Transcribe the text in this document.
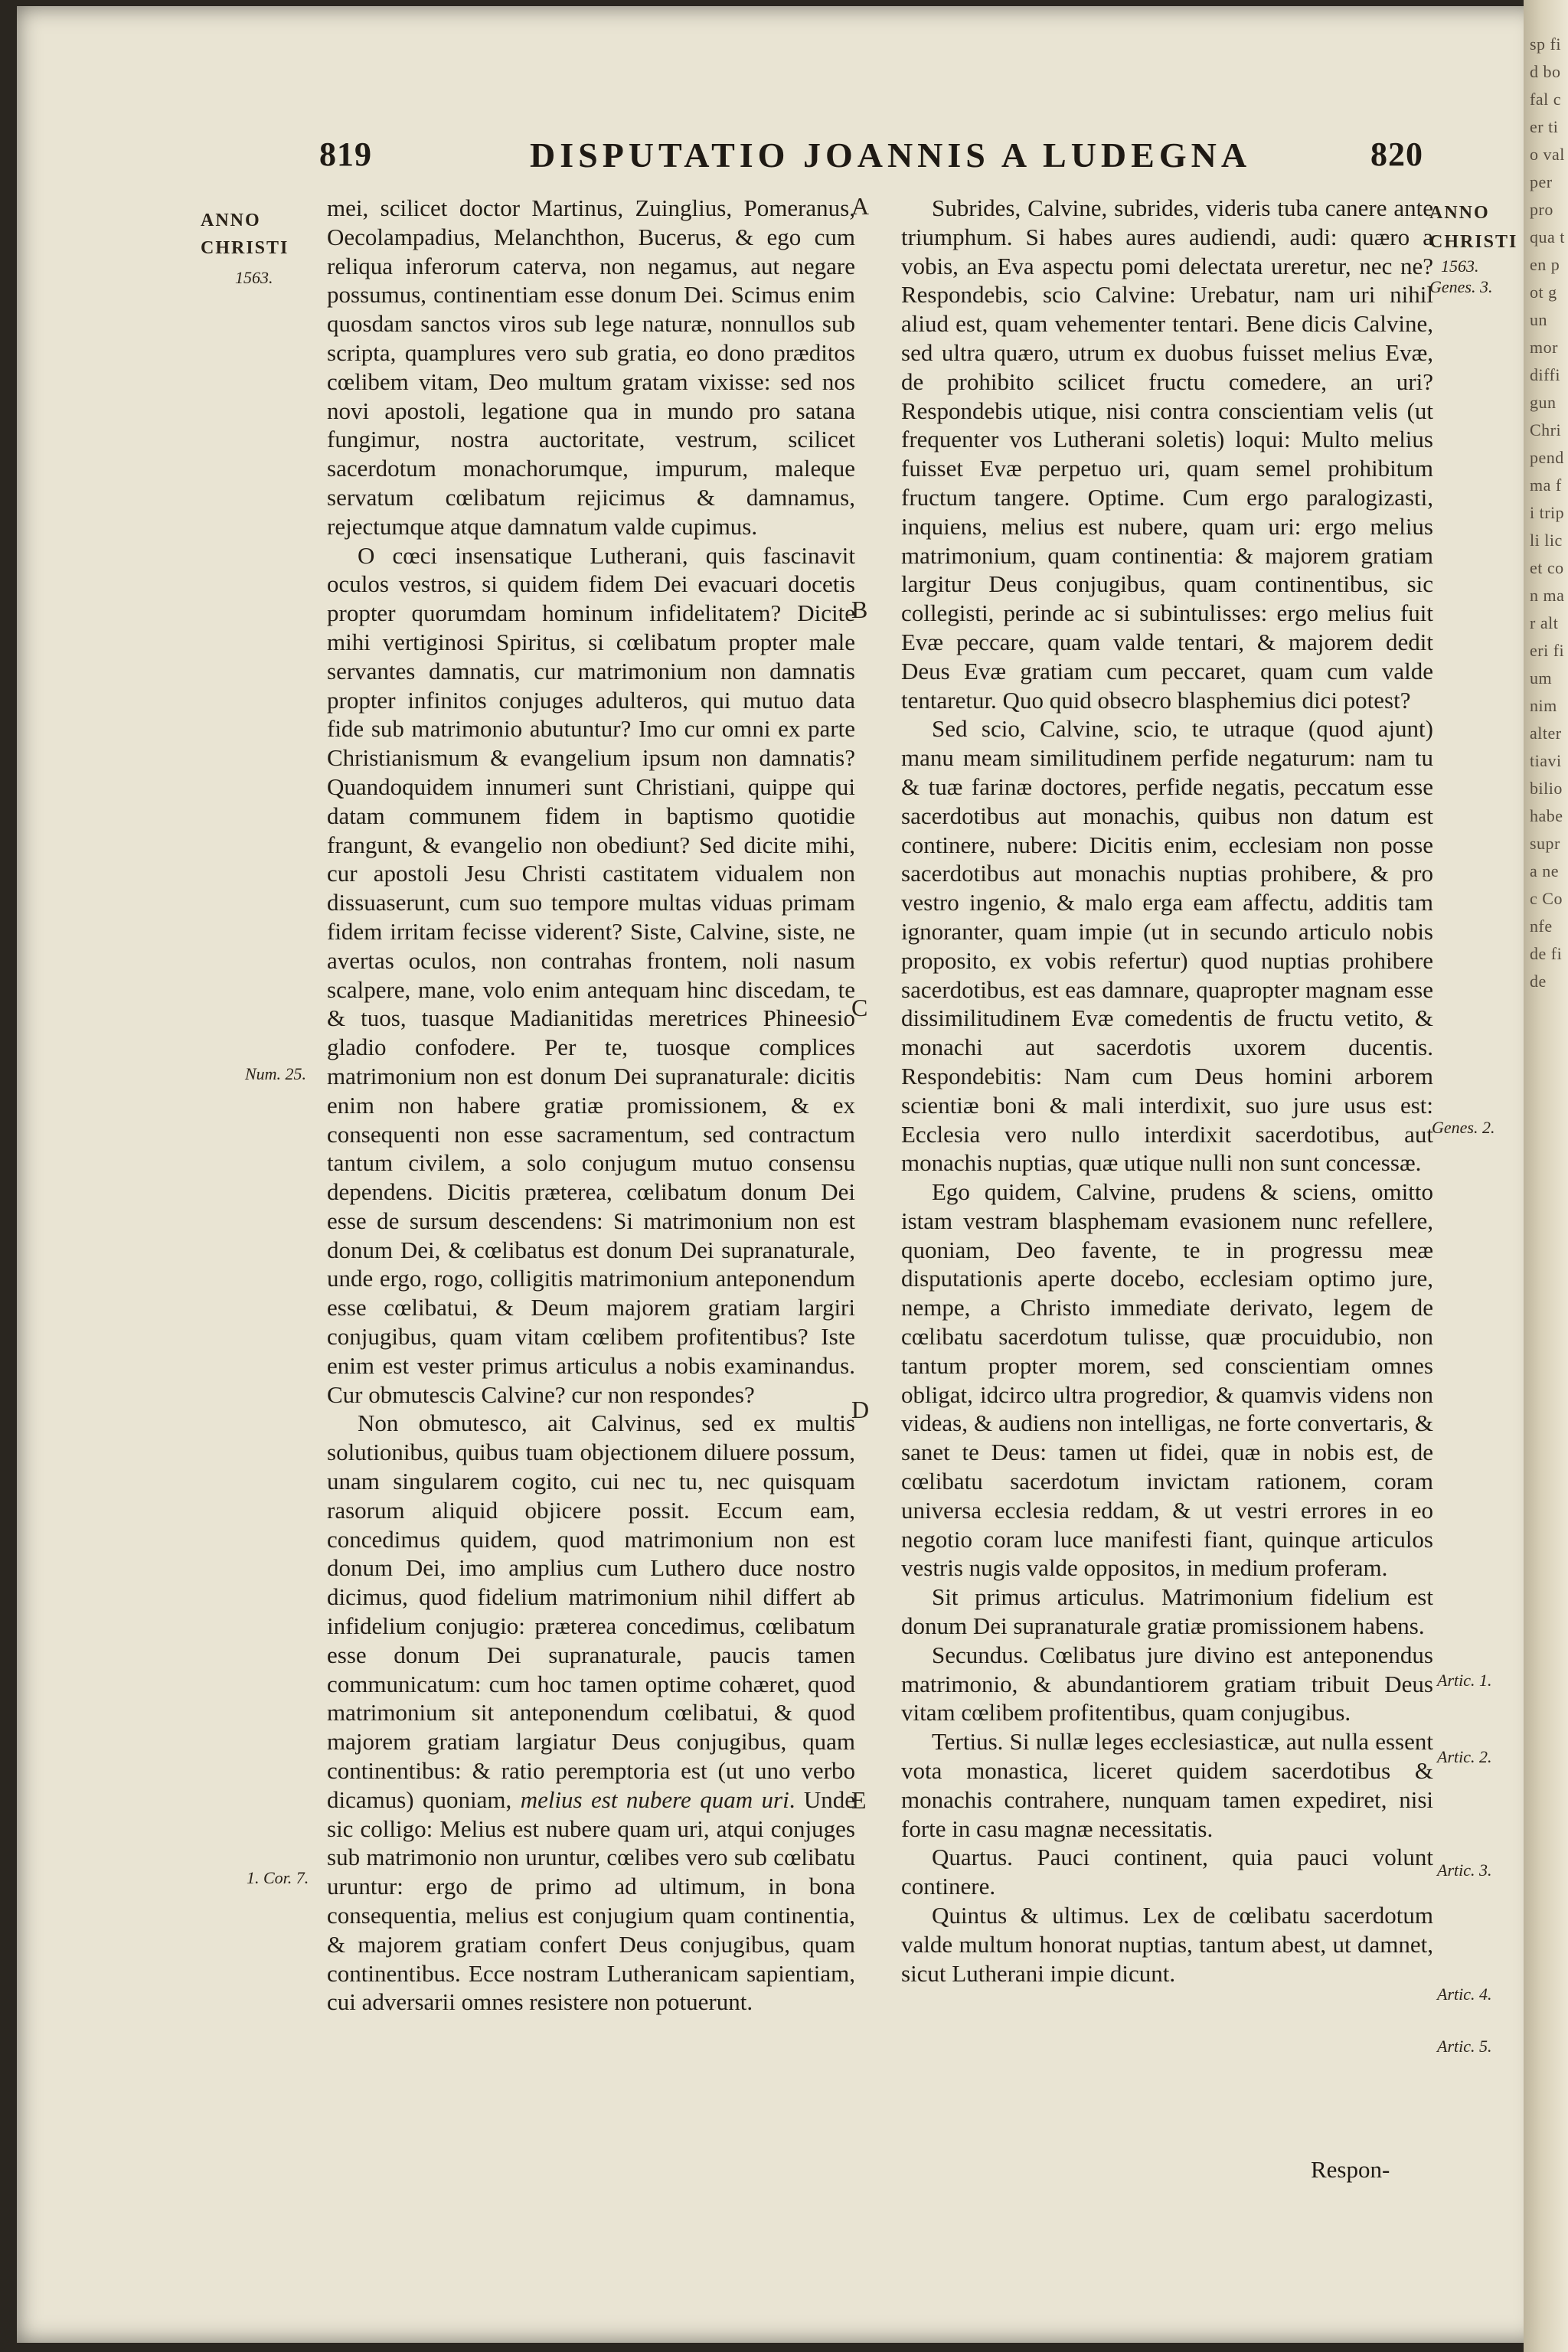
819	DISPUTATIO JOANNIS A LUDEGNA	820
ANNO
CHRISTI
1563.
Num. 25.
1. Cor. 7.
ANNO
CHRISTI
1563.
Genes. 3.
Genes. 2.
Artic. 1.
Artic. 2.
Artic. 3.
Artic. 4.
Artic. 5.
A
B
C
D
E

mei, scilicet doctor Martinus, Zuinglius, Pomeranus, Oecolampadius, Melanchthon, Bucerus, & ego cum reliqua inferorum caterva, non negamus, aut negare possumus, continentiam esse donum Dei. Scimus enim quosdam sanctos viros sub lege naturæ, nonnullos sub scripta, quamplures vero sub gratia, eo dono præditos cœlibem vitam, Deo multum gratam vixisse: sed nos novi apostoli, legatione qua in mundo pro satana fungimur, nostra auctoritate, vestrum, scilicet sacerdotum monachorumque, impurum, maleque servatum cœlibatum rejicimus & damnamus, rejectumque atque damnatum valde cupimus.

O cœci insensatique Lutherani, quis fascinavit oculos vestros, si quidem fidem Dei evacuari docetis propter quorumdam hominum infidelitatem? Dicite mihi vertiginosi Spiritus, si cœlibatum propter male servantes damnatis, cur matrimonium non damnatis propter infinitos conjuges adulteros, qui mutuo data fide sub matrimonio abutuntur? Imo cur omni ex parte Christianismum & evangelium ipsum non damnatis? Quandoquidem innumeri sunt Christiani, quippe qui datam communem fidem in baptismo quotidie frangunt, & evangelio non obediunt? Sed dicite mihi, cur apostoli Jesu Christi castitatem vidualem non dissuaserunt, cum suo tempore multas viduas primam fidem irritam fecisse viderent? Siste, Calvine, siste, ne avertas oculos, non contrahas frontem, noli nasum scalpere, mane, volo enim antequam hinc discedam, te & tuos, tuasque Madianitidas meretrices Phineesio gladio confodere. Per te, tuosque complices matrimonium non est donum Dei supranaturale: dicitis enim non habere gratiæ promissionem, & ex consequenti non esse sacramentum, sed contractum tantum civilem, a solo conjugum mutuo consensu dependens. Dicitis præterea, cœlibatum donum Dei esse de sursum descendens: Si matrimonium non est donum Dei, & cœlibatus est donum Dei supranaturale, unde ergo, rogo, colligitis matrimonium anteponendum esse cœlibatui, & Deum majorem gratiam largiri conjugibus, quam vitam cœlibem profitentibus? Iste enim est vester primus articulus a nobis examinandus. Cur obmutescis Calvine? cur non respondes?

Non obmutesco, ait Calvinus, sed ex multis solutionibus, quibus tuam objectionem diluere possum, unam singularem cogito, cui nec tu, nec quisquam rasorum aliquid objicere possit. Eccum eam, concedimus quidem, quod matrimonium non est donum Dei, imo amplius cum Luthero duce nostro dicimus, quod fidelium matrimonium nihil differt ab infidelium conjugio: præterea concedimus, cœlibatum esse donum Dei supranaturale, paucis tamen communicatum: cum hoc tamen optime cohæret, quod matrimonium sit anteponendum cœlibatui, & quod majorem gratiam largiatur Deus conjugibus, quam continentibus: & ratio peremptoria est (ut uno verbo dicamus) quoniam, melius est nubere quam uri. Unde sic colligo: Melius est nubere quam uri, atqui conjuges sub matrimonio non uruntur, cœlibes vero sub cœlibatu uruntur: ergo de primo ad ultimum, in bona consequentia, melius est conjugium quam continentia, & majorem gratiam confert Deus conjugibus, quam continentibus. Ecce nostram Lutheranicam sapientiam, cui adversarii omnes resistere non potuerunt.

Subrides, Calvine, subrides, videris tuba canere ante triumphum. Si habes aures audiendi, audi: quæro a vobis, an Eva aspectu pomi delectata ureretur, nec ne? Respondebis, scio Calvine: Urebatur, nam uri nihil aliud est, quam vehementer tentari. Bene dicis Calvine, sed ultra quæro, utrum ex duobus fuisset melius Evæ, de prohibito scilicet fructu comedere, an uri? Respondebis utique, nisi contra conscientiam velis (ut frequenter vos Lutherani soletis) loqui: Multo melius fuisset Evæ perpetuo uri, quam semel prohibitum fructum tangere. Optime. Cum ergo paralogizasti, inquiens, melius est nubere, quam uri: ergo melius matrimonium, quam continentia: & majorem gratiam largitur Deus conjugibus, quam continentibus, sic collegisti, perinde ac si subintulisses: ergo melius fuit Evæ peccare, quam valde tentari, & majorem dedit Deus Evæ gratiam cum peccaret, quam cum valde tentaretur. Quo quid obsecro blasphemius dici potest?

Sed scio, Calvine, scio, te utraque (quod ajunt) manu meam similitudinem perfide negaturum: nam tu & tuæ farinæ doctores, perfide negatis, peccatum esse sacerdotibus aut monachis, quibus non datum est continere, nubere: Dicitis enim, ecclesiam non posse sacerdotibus aut monachis nuptias prohibere, & pro vestro ingenio, & malo erga eam affectu, additis tam ignoranter, quam impie (ut in secundo articulo nobis proposito, ex vobis refertur) quod nuptias prohibere sacerdotibus, est eas damnare, quapropter magnam esse dissimilitudinem Evæ comedentis de fructu vetito, & monachi aut sacerdotis uxorem ducentis. Respondebitis: Nam cum Deus homini arborem scientiæ boni & mali interdixit, suo jure usus est: Ecclesia vero nullo interdixit sacerdotibus, aut monachis nuptias, quæ utique nulli non sunt concessæ.

Ego quidem, Calvine, prudens & sciens, omitto istam vestram blasphemam evasionem nunc refellere, quoniam, Deo favente, te in progressu meæ disputationis aperte docebo, ecclesiam optimo jure, nempe, a Christo immediate derivato, legem de cœlibatu sacerdotum tulisse, quæ procuidubio, non tantum propter morem, sed conscientiam omnes obligat, idcirco ultra progredior, & quamvis videns non videas, & audiens non intelligas, ne forte convertaris, & sanet te Deus: tamen ut fidei, quæ in nobis est, de cœlibatu sacerdotum invictam rationem, coram universa ecclesia reddam, & ut vestri errores in eo negotio coram luce manifesti fiant, quinque articulos vestris nugis valde oppositos, in medium proferam.

Sit primus articulus. Matrimonium fidelium est donum Dei supranaturale gratiæ promissionem habens.

Secundus. Cœlibatus jure divino est anteponendus matrimonio, & abundantiorem gratiam tribuit Deus vitam cœlibem profitentibus, quam conjugibus.

Tertius. Si nullæ leges ecclesiasticæ, aut nulla essent vota monastica, liceret quidem sacerdotibus & monachis contrahere, nunquam tamen expediret, nisi forte in casu magnæ necessitatis.

Quartus. Pauci continent, quia pauci volunt continere.

Quintus & ultimus. Lex de cœlibatu sacerdotum valde multum honorat nuptias, tantum abest, ut damnet, sicut Lutherani impie dicunt.

Respon-
sp fid bo fal cer tio val per pro qua ten pot gun mor diffi gun Chri pend ma fi tripli licet con mar alteri fium nim alter tiavi bilio habe supra nec Confe de fide
